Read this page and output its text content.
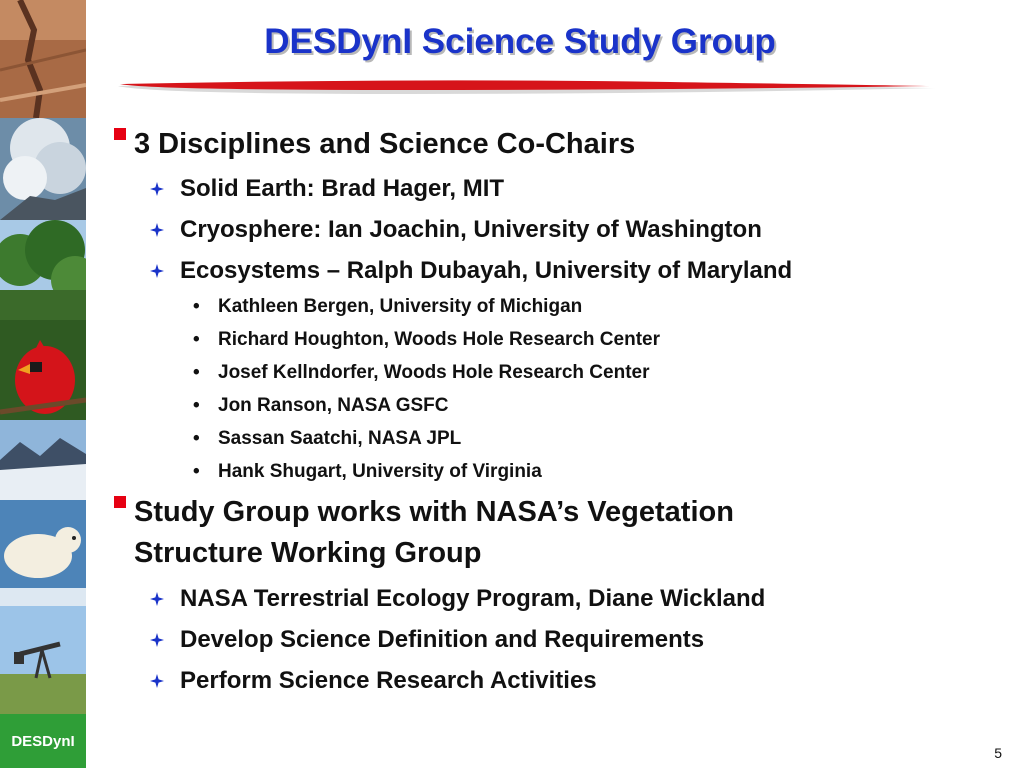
DESDynI
DESDynI Science Study Group
3 Disciplines and Science Co-Chairs
Solid Earth: Brad Hager, MIT
Cryosphere: Ian Joachin, University of Washington
Ecosystems – Ralph Dubayah, University of Maryland
• Kathleen Bergen, University of Michigan
• Richard Houghton, Woods Hole Research Center
• Josef Kellndorfer, Woods Hole Research Center
• Jon Ranson, NASA GSFC
• Sassan Saatchi, NASA JPL
• Hank Shugart, University of Virginia
Study Group works with NASA’s Vegetation
Structure Working Group
NASA Terrestrial Ecology Program, Diane Wickland
Develop Science Definition and Requirements
Perform Science Research Activities
5
